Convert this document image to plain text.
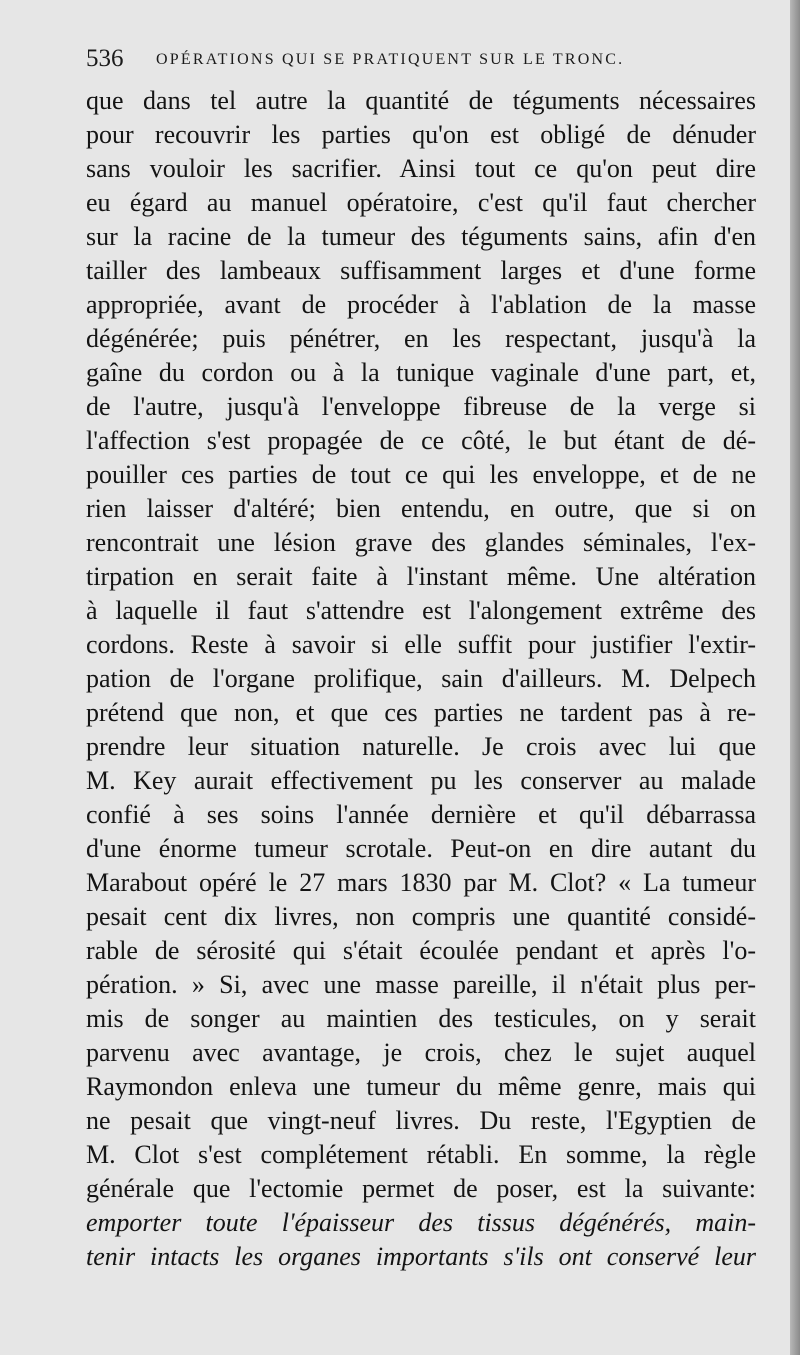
536 OPÉRATIONS QUI SE PRATIQUENT SUR LE TRONC.
que dans tel autre la quantité de téguments nécessaires
pour recouvrir les parties qu'on est obligé de dénuder
sans vouloir les sacrifier. Ainsi tout ce qu'on peut dire
eu égard au manuel opératoire, c'est qu'il faut chercher
sur la racine de la tumeur des téguments sains, afin d'en
tailler des lambeaux suffisamment larges et d'une forme
appropriée, avant de procéder à l'ablation de la masse
dégénérée; puis pénétrer, en les respectant, jusqu'à la
gaîne du cordon ou à la tunique vaginale d'une part, et,
de l'autre, jusqu'à l'enveloppe fibreuse de la verge si
l'affection s'est propagée de ce côté, le but étant de dé-
pouiller ces parties de tout ce qui les enveloppe, et de ne
rien laisser d'altéré; bien entendu, en outre, que si on
rencontrait une lésion grave des glandes séminales, l'ex-
tirpation en serait faite à l'instant même. Une altération
à laquelle il faut s'attendre est l'alongement extrême des
cordons. Reste à savoir si elle suffit pour justifier l'extir-
pation de l'organe prolifique, sain d'ailleurs. M. Delpech
prétend que non, et que ces parties ne tardent pas à re-
prendre leur situation naturelle. Je crois avec lui que
M. Key aurait effectivement pu les conserver au malade
confié à ses soins l'année dernière et qu'il débarrassa
d'une énorme tumeur scrotale. Peut-on en dire autant du
Marabout opéré le 27 mars 1830 par M. Clot? « La tumeur
pesait cent dix livres, non compris une quantité considé-
rable de sérosité qui s'était écoulée pendant et après l'o-
pération. » Si, avec une masse pareille, il n'était plus per-
mis de songer au maintien des testicules, on y serait
parvenu avec avantage, je crois, chez le sujet auquel
Raymondon enleva une tumeur du même genre, mais qui
ne pesait que vingt-neuf livres. Du reste, l'Egyptien de
M. Clot s'est complétement rétabli. En somme, la règle
générale que l'ectomie permet de poser, est la suivante:
emporter toute l'épaisseur des tissus dégénérés, main-
tenir intacts les organes importants s'ils ont conservé leur
